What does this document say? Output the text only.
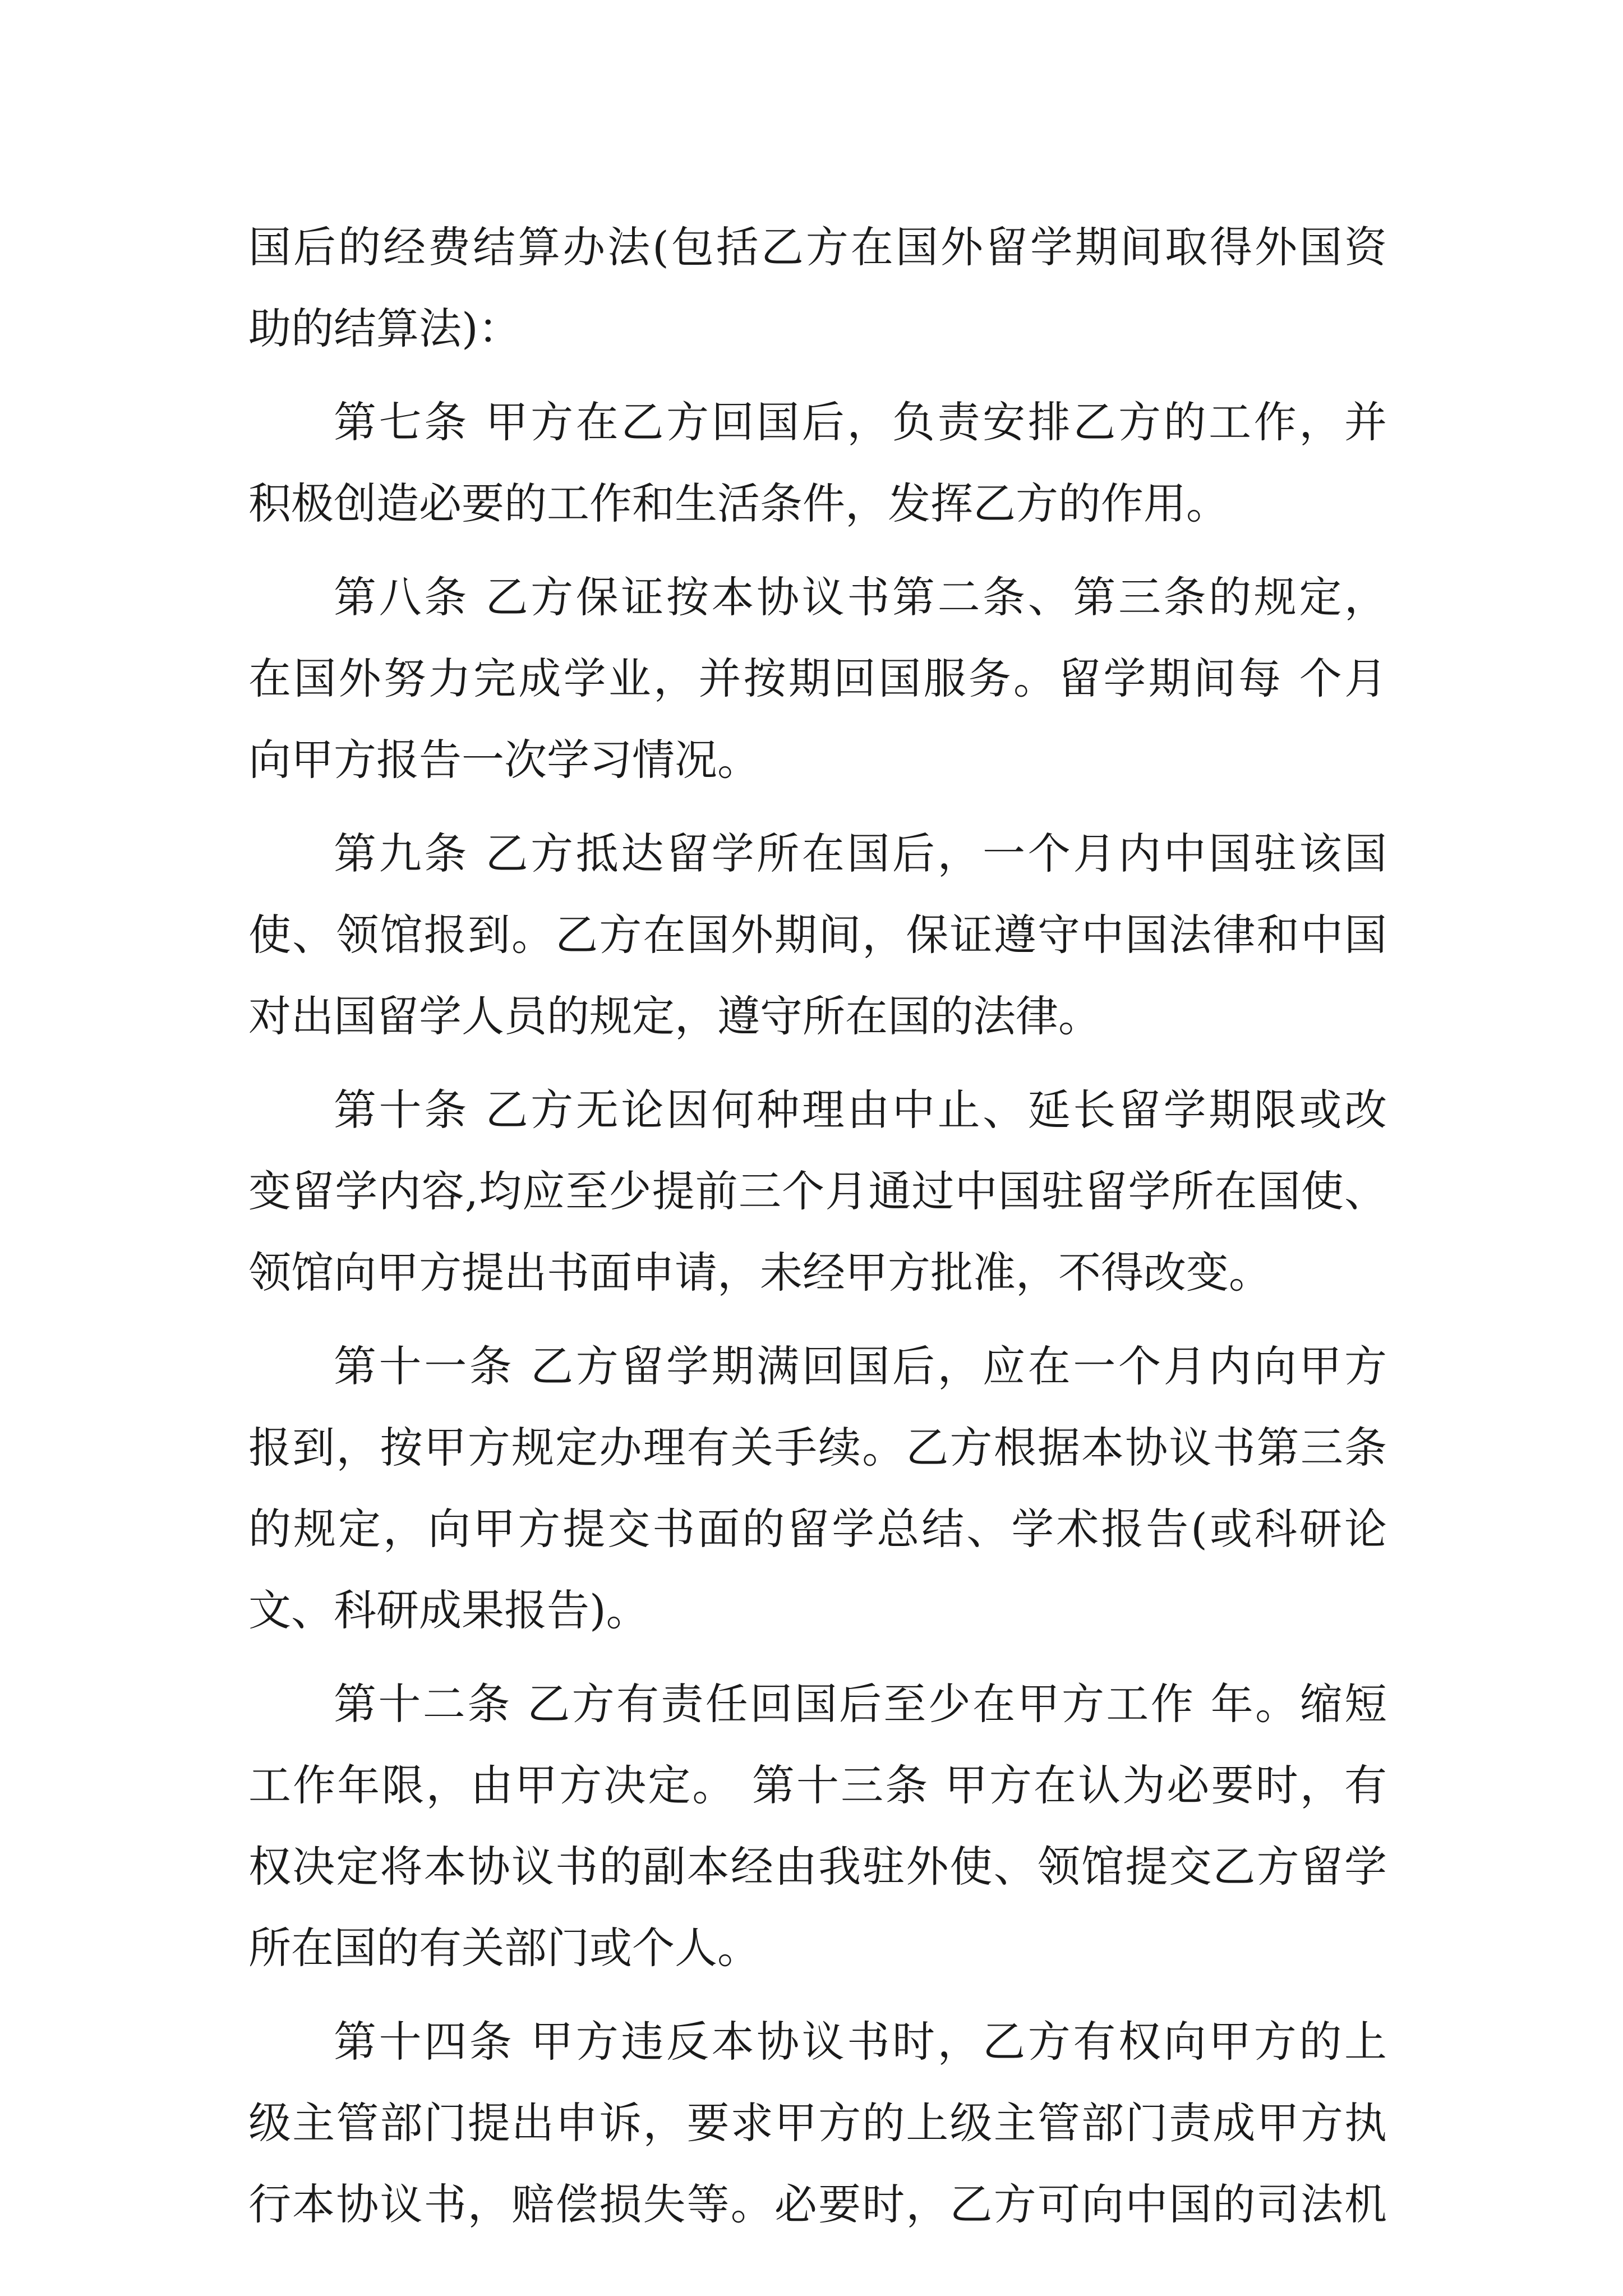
国后的经费结算办法(包括乙方在国外留学期间取得外国资
助的结算法)：
第七条 甲方在乙方回国后，负责安排乙方的工作，并
积极创造必要的工作和生活条件，发挥乙方的作用。
第八条 乙方保证按本协议书第二条、第三条的规定，
在国外努力完成学业，并按期回国服务。留学期间每 个月
向甲方报告一次学习情况。
第九条 乙方抵达留学所在国后，一个月内中国驻该国
使、领馆报到。乙方在国外期间，保证遵守中国法律和中国
对出国留学人员的规定，遵守所在国的法律。
第十条 乙方无论因何种理由中止、延长留学期限或改
变留学内容,均应至少提前三个月通过中国驻留学所在国使、
领馆向甲方提出书面申请，未经甲方批准，不得改变。
第十一条 乙方留学期满回国后，应在一个月内向甲方
报到，按甲方规定办理有关手续。乙方根据本协议书第三条
的规定，向甲方提交书面的留学总结、学术报告(或科研论
文、科研成果报告)。
第十二条 乙方有责任回国后至少在甲方工作 年。缩短
工作年限，由甲方决定。 第十三条 甲方在认为必要时，有
权决定将本协议书的副本经由我驻外使、领馆提交乙方留学
所在国的有关部门或个人。
第十四条 甲方违反本协议书时，乙方有权向甲方的上
级主管部门提出申诉，要求甲方的上级主管部门责成甲方执
行本协议书，赔偿损失等。必要时，乙方可向中国的司法机
